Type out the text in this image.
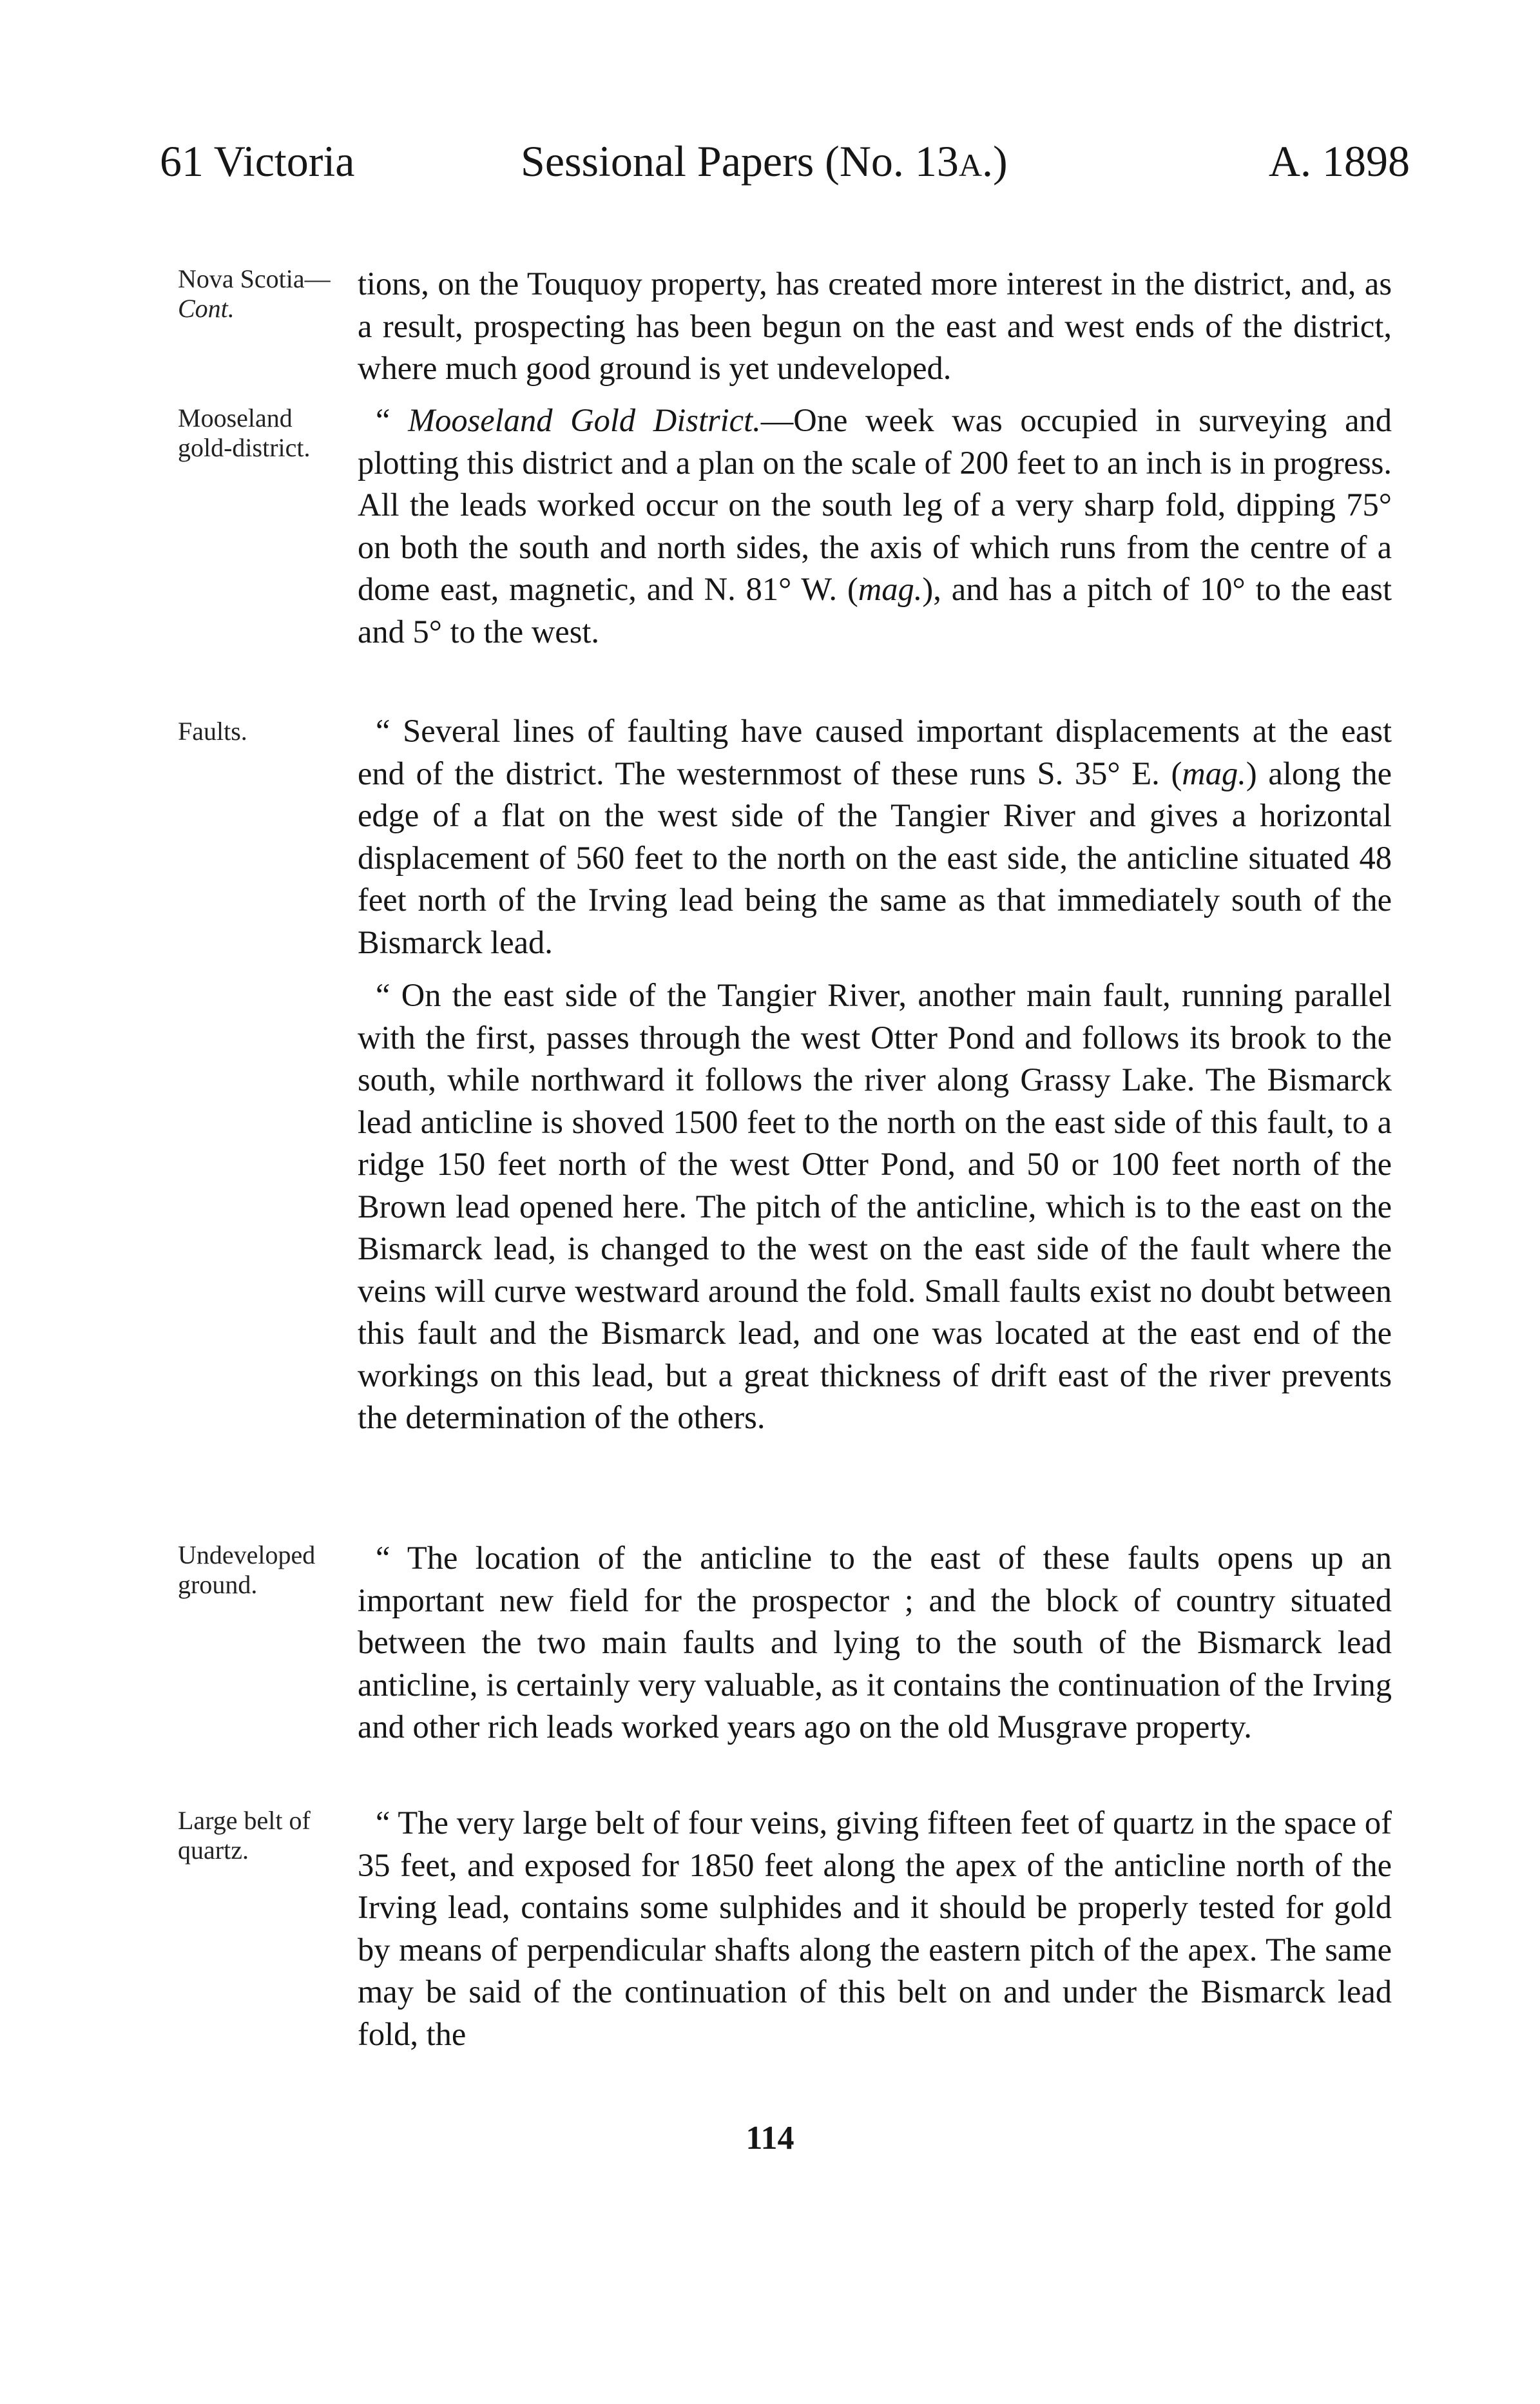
61 Victoria	Sessional Papers (No. 13A.)	A. 1898
Nova Scotia—
Cont.
Mooseland
gold-district.
Faults.
Undeveloped
ground.
Large belt of
quartz.
tions, on the Touquoy property, has created more interest in the district, and, as a result, prospecting has been begun on the east and west ends of the district, where much good ground is yet undeveloped.
“ Mooseland Gold District.—One week was occupied in surveying and plotting this district and a plan on the scale of 200 feet to an inch is in progress. All the leads worked occur on the south leg of a very sharp fold, dipping 75° on both the south and north sides, the axis of which runs from the centre of a dome east, magnetic, and N. 81° W. (mag.), and has a pitch of 10° to the east and 5° to the west.
“ Several lines of faulting have caused important displacements at the east end of the district. The westernmost of these runs S. 35° E. (mag.) along the edge of a flat on the west side of the Tangier River and gives a horizontal displacement of 560 feet to the north on the east side, the anticline situated 48 feet north of the Irving lead being the same as that immediately south of the Bismarck lead.
“ On the east side of the Tangier River, another main fault, running parallel with the first, passes through the west Otter Pond and follows its brook to the south, while northward it follows the river along Grassy Lake. The Bismarck lead anticline is shoved 1500 feet to the north on the east side of this fault, to a ridge 150 feet north of the west Otter Pond, and 50 or 100 feet north of the Brown lead opened here. The pitch of the anticline, which is to the east on the Bismarck lead, is changed to the west on the east side of the fault where the veins will curve westward around the fold. Small faults exist no doubt between this fault and the Bismarck lead, and one was located at the east end of the workings on this lead, but a great thickness of drift east of the river prevents the determination of the others.
“ The location of the anticline to the east of these faults opens up an important new field for the prospector ; and the block of country situated between the two main faults and lying to the south of the Bismarck lead anticline, is certainly very valuable, as it contains the continuation of the Irving and other rich leads worked years ago on the old Musgrave property.
“ The very large belt of four veins, giving fifteen feet of quartz in the space of 35 feet, and exposed for 1850 feet along the apex of the anticline north of the Irving lead, contains some sulphides and it should be properly tested for gold by means of perpendicular shafts along the eastern pitch of the apex. The same may be said of the continuation of this belt on and under the Bismarck lead fold, the
114
